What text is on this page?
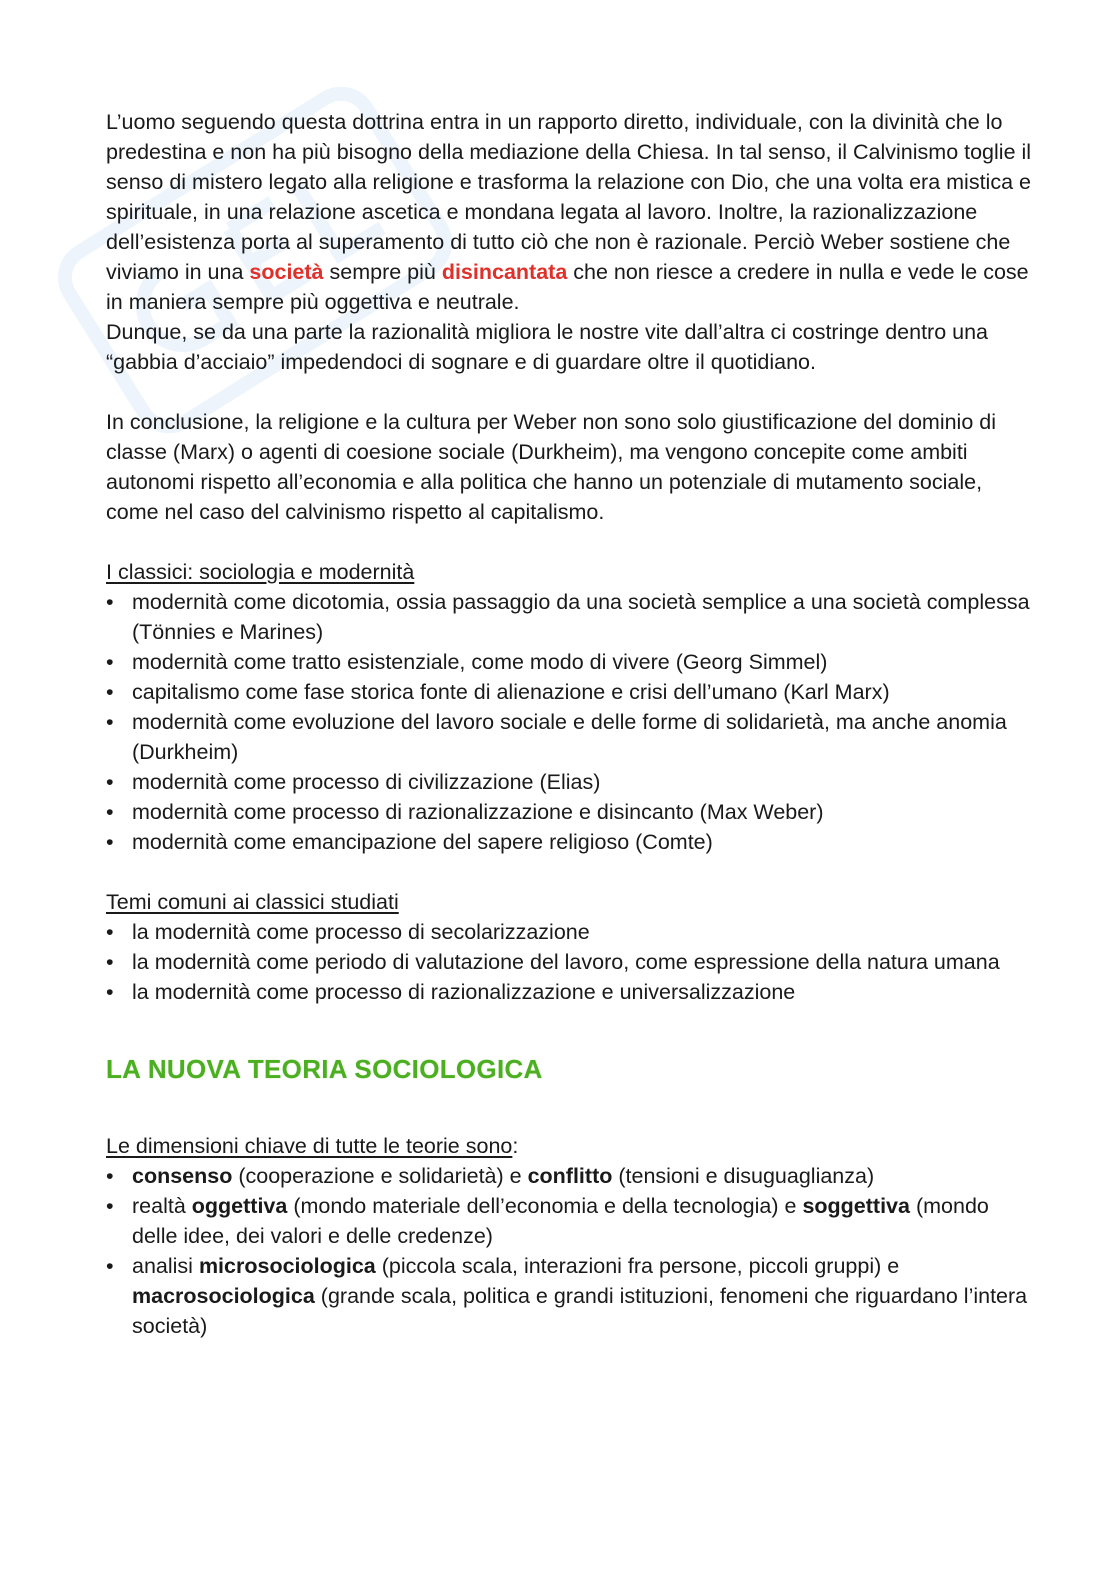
L’uomo seguendo questa dottrina entra in un rapporto diretto, individuale, con la divinità che lo predestina e non ha più bisogno della mediazione della Chiesa. In tal senso, il Calvinismo toglie il senso di mistero legato alla religione e trasforma la relazione con Dio, che una volta era mistica e spirituale, in una relazione ascetica e mondana legata al lavoro. Inoltre, la razionalizzazione dell’esistenza porta al superamento di tutto ciò che non è razionale. Perciò Weber sostiene che viviamo in una società sempre più disincantata che non riesce a credere in nulla e vede le cose in maniera sempre più oggettiva e neutrale.

Dunque, se da una parte la razionalità migliora le nostre vite dall’altra ci costringe dentro una “gabbia d’acciaio” impedendoci di sognare e di guardare oltre il quotidiano.

In conclusione, la religione e la cultura per Weber non sono solo giustificazione del dominio di classe (Marx) o agenti di coesione sociale (Durkheim), ma vengono concepite come ambiti autonomi rispetto all’economia e alla politica che hanno un potenziale di mutamento sociale, come nel caso del calvinismo rispetto al capitalismo.

I classici: sociologia e modernità

• modernità come dicotomia, ossia passaggio da una società semplice a una società complessa (Tönnies e Marines)
• modernità come tratto esistenziale, come modo di vivere (Georg Simmel)
• capitalismo come fase storica fonte di alienazione e crisi dell’umano (Karl Marx)
• modernità come evoluzione del lavoro sociale e delle forme di solidarietà, ma anche anomia (Durkheim)
• modernità come processo di civilizzazione (Elias)
• modernità come processo di razionalizzazione e disincanto (Max Weber)
• modernità come emancipazione del sapere religioso (Comte)

Temi comuni ai classici studiati

• la modernità come processo di secolarizzazione
• la modernità come periodo di valutazione del lavoro, come espressione della natura umana
• la modernità come processo di razionalizzazione e universalizzazione
LA NUOVA TEORIA SOCIOLOGICA

Le dimensioni chiave di tutte le teorie sono:

• consenso (cooperazione e solidarietà) e conflitto (tensioni e disuguaglianza)
• realtà oggettiva (mondo materiale dell’economia e della tecnologia) e soggettiva (mondo delle idee, dei valori e delle credenze)
• analisi microsociologica (piccola scala, interazioni fra persone, piccoli gruppi) e macrosociologica (grande scala, politica e grandi istituzioni, fenomeni che riguardano l’intera società)
